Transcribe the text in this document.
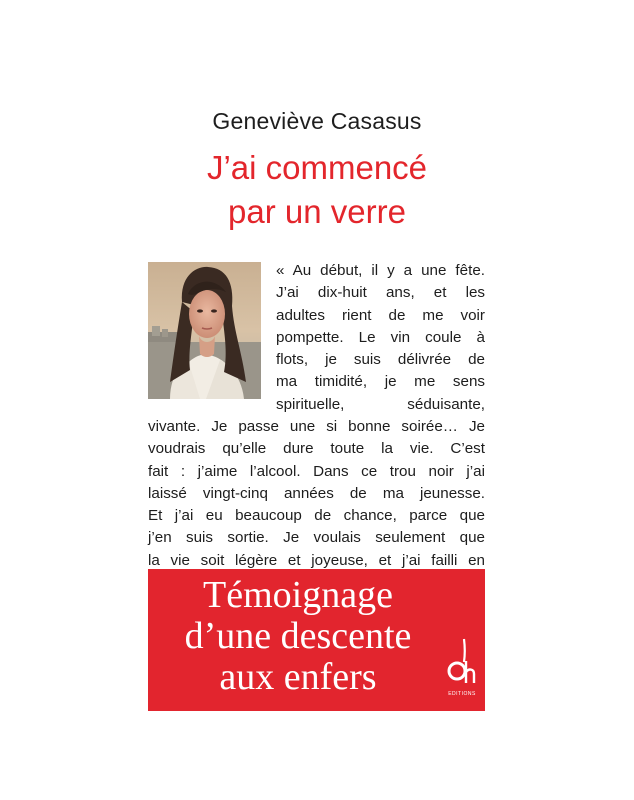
Geneviève Casasus
J’ai commencé
par un verre
« Au début, il y a une fête.
J’ai dix-huit ans, et les
adultes rient de me voir
pompette. Le vin coule à
flots, je suis délivrée de
ma timidité, je me sens
spirituelle, séduisante,
vivante. Je passe une si bonne soirée… Je
voudrais qu’elle dure toute la vie. C’est
fait : j’aime l’alcool. Dans ce trou noir j’ai
laissé vingt-cinq années de ma jeunesse.
Et j’ai eu beaucoup de chance, parce que
j’en suis sortie. Je voulais seulement que
la vie soit légère et joyeuse, et j’ai failli en
Témoignage
d’une descente
aux enfers	EDITIONS
